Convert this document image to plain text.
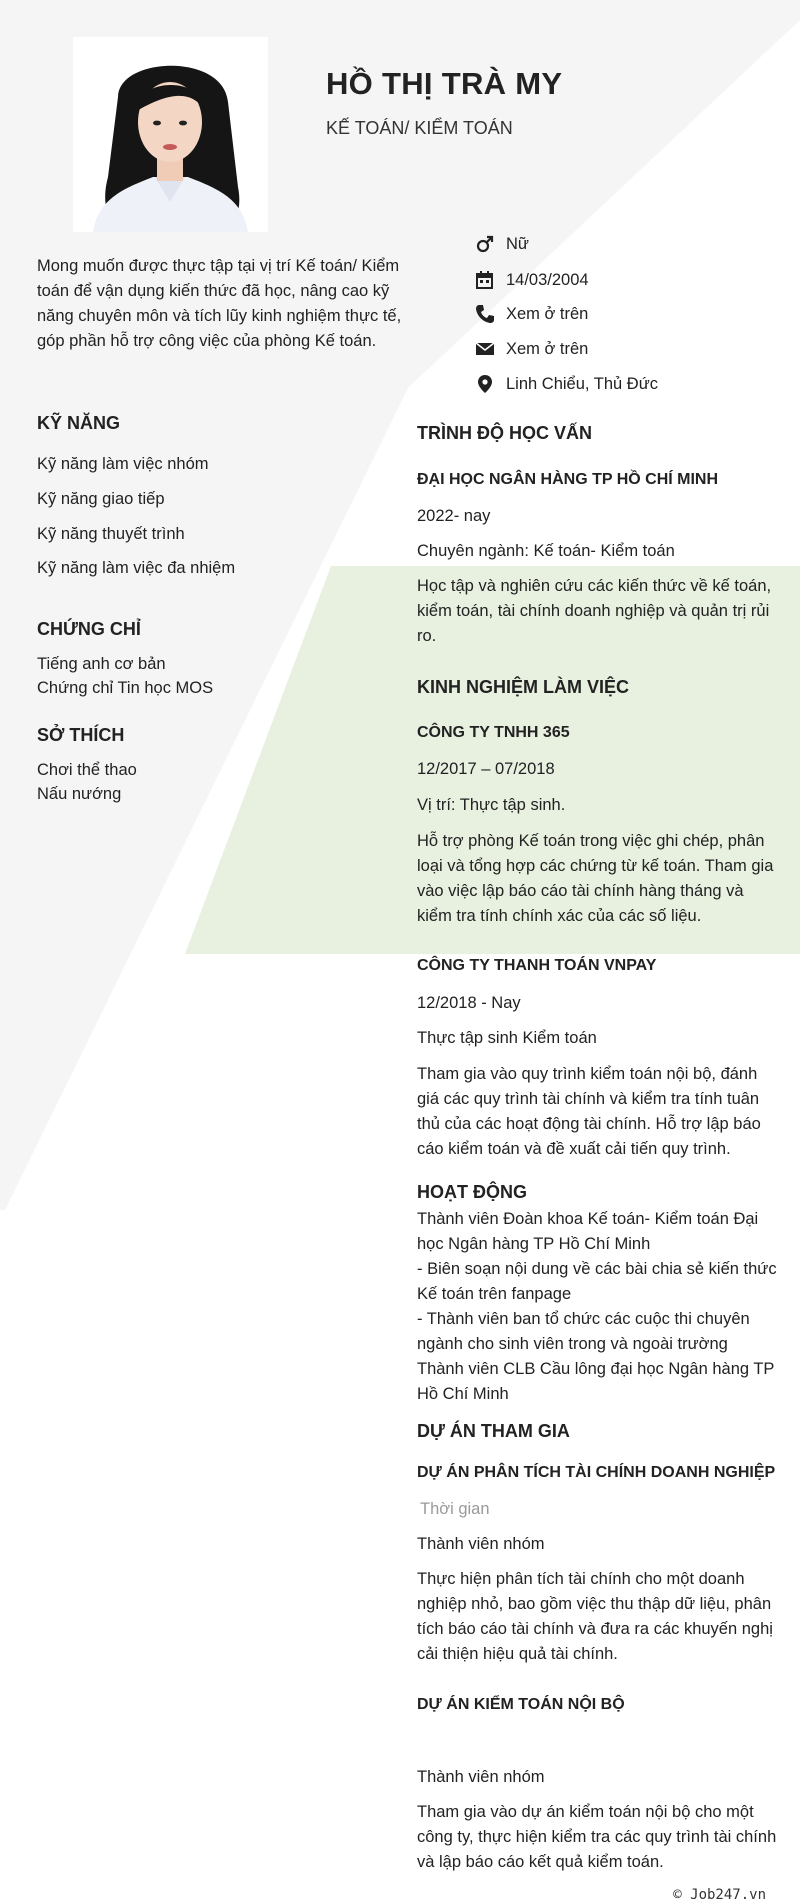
HỒ THỊ TRÀ MY
KẾ TOÁN/ KIỂM TOÁN
Mong muốn được thực tập tại vị trí Kế toán/ Kiểm toán để vận dụng kiến thức đã học, nâng cao kỹ năng chuyên môn và tích lũy kinh nghiệm thực tế, góp phần hỗ trợ công việc của phòng Kế toán.
Nữ
14/03/2004
Xem ở trên
Xem ở trên
Linh Chiểu, Thủ Đức
KỸ NĂNG
Kỹ năng làm việc nhóm
Kỹ năng giao tiếp
Kỹ năng thuyết trình
Kỹ năng làm việc đa nhiệm
CHỨNG CHỈ
Tiếng anh cơ bản
Chứng chỉ Tin học MOS
SỞ THÍCH
Chơi thể thao
Nấu nướng
TRÌNH ĐỘ HỌC VẤN
ĐẠI HỌC NGÂN HÀNG TP HỒ CHÍ MINH
2022- nay
Chuyên ngành: Kế toán- Kiểm toán
Học tập và nghiên cứu các kiến thức về kế toán, kiểm toán, tài chính doanh nghiệp và quản trị rủi ro.
KINH NGHIỆM LÀM VIỆC
CÔNG TY TNHH 365
12/2017 – 07/2018
Vị trí: Thực tập sinh.
Hỗ trợ phòng Kế toán trong việc ghi chép, phân loại và tổng hợp các chứng từ kế toán. Tham gia vào việc lập báo cáo tài chính hàng tháng và kiểm tra tính chính xác của các số liệu.
CÔNG TY THANH TOÁN VNPAY
12/2018 - Nay
Thực tập sinh Kiểm toán
Tham gia vào quy trình kiểm toán nội bộ, đánh giá các quy trình tài chính và kiểm tra tính tuân thủ của các hoạt động tài chính. Hỗ trợ lập báo cáo kiểm toán và đề xuất cải tiến quy trình.
HOẠT ĐỘNG
Thành viên Đoàn khoa Kế toán- Kiểm toán Đại học Ngân hàng TP Hồ Chí Minh
- Biên soạn nội dung về các bài chia sẻ kiến thức Kế toán trên fanpage
- Thành viên ban tổ chức các cuộc thi chuyên ngành cho sinh viên trong và ngoài trường
Thành viên CLB Cầu lông đại học Ngân hàng TP Hồ Chí Minh
DỰ ÁN THAM GIA
DỰ ÁN PHÂN TÍCH TÀI CHÍNH DOANH NGHIỆP
Thời gian
Thành viên nhóm
Thực hiện phân tích tài chính cho một doanh nghiệp nhỏ, bao gồm việc thu thập dữ liệu, phân tích báo cáo tài chính và đưa ra các khuyến nghị cải thiện hiệu quả tài chính.
DỰ ÁN KIỂM TOÁN NỘI BỘ
Thành viên nhóm
Tham gia vào dự án kiểm toán nội bộ cho một công ty, thực hiện kiểm tra các quy trình tài chính và lập báo cáo kết quả kiểm toán.
© Job247.vn
